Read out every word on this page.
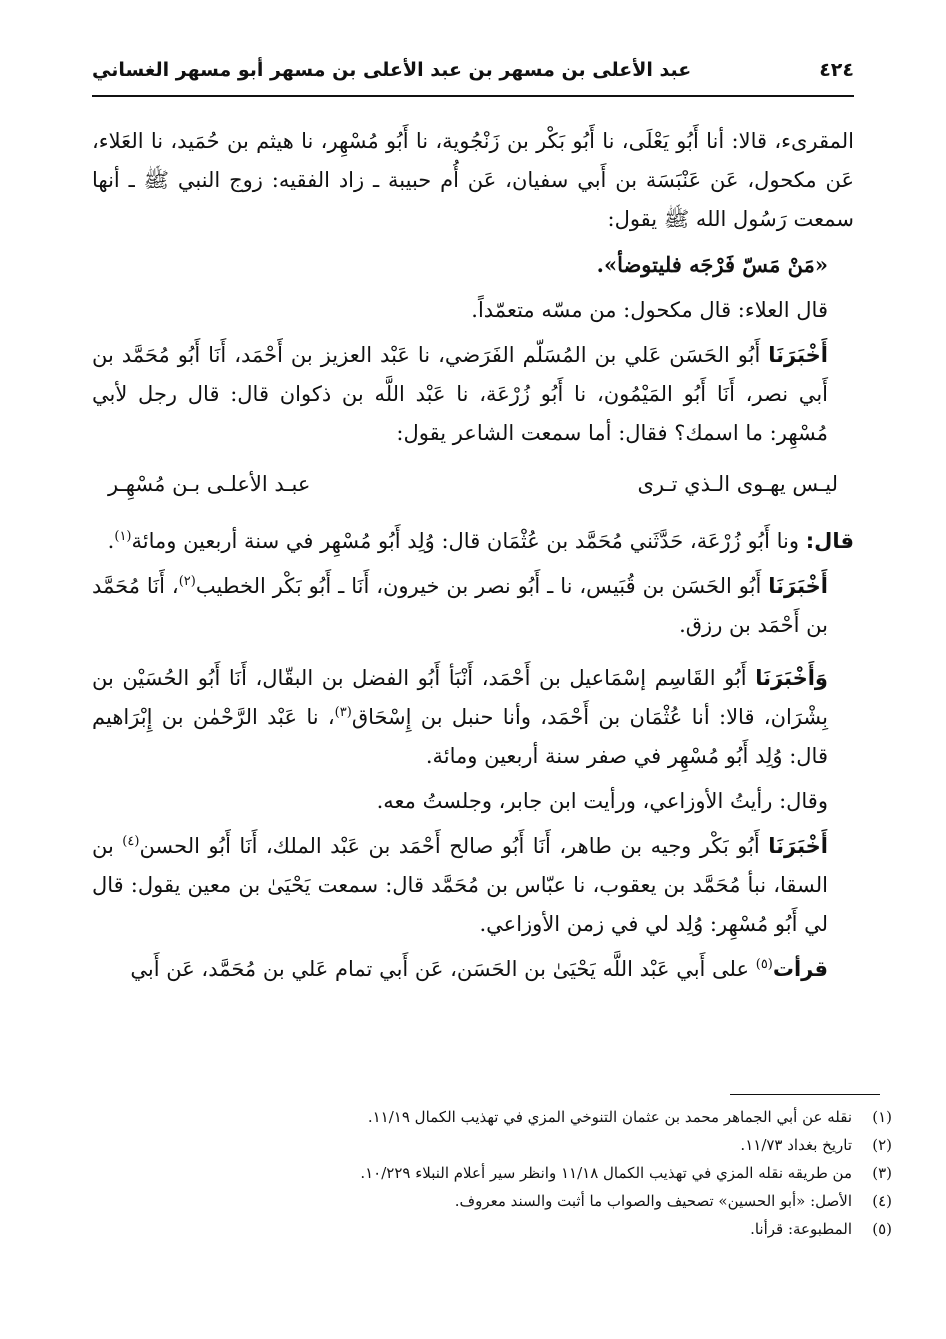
٤٢٤
عبد الأعلى بن مسهر بن عبد الأعلى بن مسهر أبو مسهر الغساني

المقرىء، قالا: أنا أَبُو يَعْلَى، نا أَبُو بَكْر بن زَنْجُوية، نا أَبُو مُسْهِر، نا هيثم بن حُمَيد، نا العَلاء، عَن مكحول، عَن عَنْبَسَة بن أَبي سفيان، عَن أُم حبيبة ـ زاد الفقيه: زوج النبي ﷺ ـ أنها سمعت رَسُول الله ﷺ يقول:

«مَنْ مَسّ فَرْجَه فليتوضأ».

قال العلاء: قال مكحول: من مسّه متعمّداً.

أَخْبَرَنَا أَبُو الحَسَن عَلي بن المُسَلّم الفَرَضي، نا عَبْد العزيز بن أَحْمَد، أَنَا أَبُو مُحَمَّد بن أَبي نصر، أَنَا أَبُو المَيْمُون، نا أَبُو زُرْعَة، نا عَبْد اللَّه بن ذكوان قال: قال رجل لأبي مُسْهِر: ما اسمك؟ فقال: أما سمعت الشاعر يقول:

ليـس يهـوى الـذي تـرى
عبـد الأعلـى بـن مُسْهِـر

قال: ونا أَبُو زُرْعَة، حَدَّثَني مُحَمَّد بن عُثْمَان قال: وُلِد أَبُو مُسْهِر في سنة أربعين ومائة$^{(١)}$.

أَخْبَرَنَا أَبُو الحَسَن بن قُبَيس، نا ـ أَبُو نصر بن خيرون، أَنَا ـ أَبُو بَكْر الخطيب$^{(٢)}$، أَنَا مُحَمَّد بن أَحْمَد بن رزق.

وَأَخْبَرَنَا أَبُو القَاسِم إسْمَاعيل بن أَحْمَد، أَنْبَأ أَبُو الفضل بن البقّال، أَنَا أَبُو الحُسَيْن بن بِشْرَان، قالا: أنا عُثْمَان بن أَحْمَد، وأنا حنبل بن إِسْحَاق$^{(٣)}$، نا عَبْد الرَّحْمٰن بن إِبْرَاهيم قال: وُلِد أَبُو مُسْهِر في صفر سنة أربعين ومائة.

وقال: رأيتُ الأوزاعي، ورأيت ابن جابر، وجلستُ معه.

أَخْبَرَنَا أَبُو بَكْر وجيه بن طاهر، أَنَا أَبُو صالح أَحْمَد بن عَبْد الملك، أَنَا أَبُو الحسن$^{(٤)}$ بن السقا، نبأ مُحَمَّد بن يعقوب، نا عبّاس بن مُحَمَّد قال: سمعت يَحْيَىٰ بن معين يقول: قال لي أَبُو مُسْهِر: وُلِد لي في زمن الأوزاعي.

قرأت$^{(٥)}$ على أَبي عَبْد اللَّه يَحْيَىٰ بن الحَسَن، عَن أَبي تمام عَلي بن مُحَمَّد، عَن أَبي

(١)
نقله عن أبي الجماهر محمد بن عثمان التنوخي المزي في تهذيب الكمال ١١/١٩.
(٢)
تاريخ بغداد ١١/٧٣.
(٣)
من طريقه نقله المزي في تهذيب الكمال ١١/١٨ وانظر سير أعلام النبلاء ١٠/٢٢٩.
(٤)
الأصل: «أبو الحسين» تصحيف والصواب ما أثبت والسند معروف.
(٥)
المطبوعة: قرأنا.
